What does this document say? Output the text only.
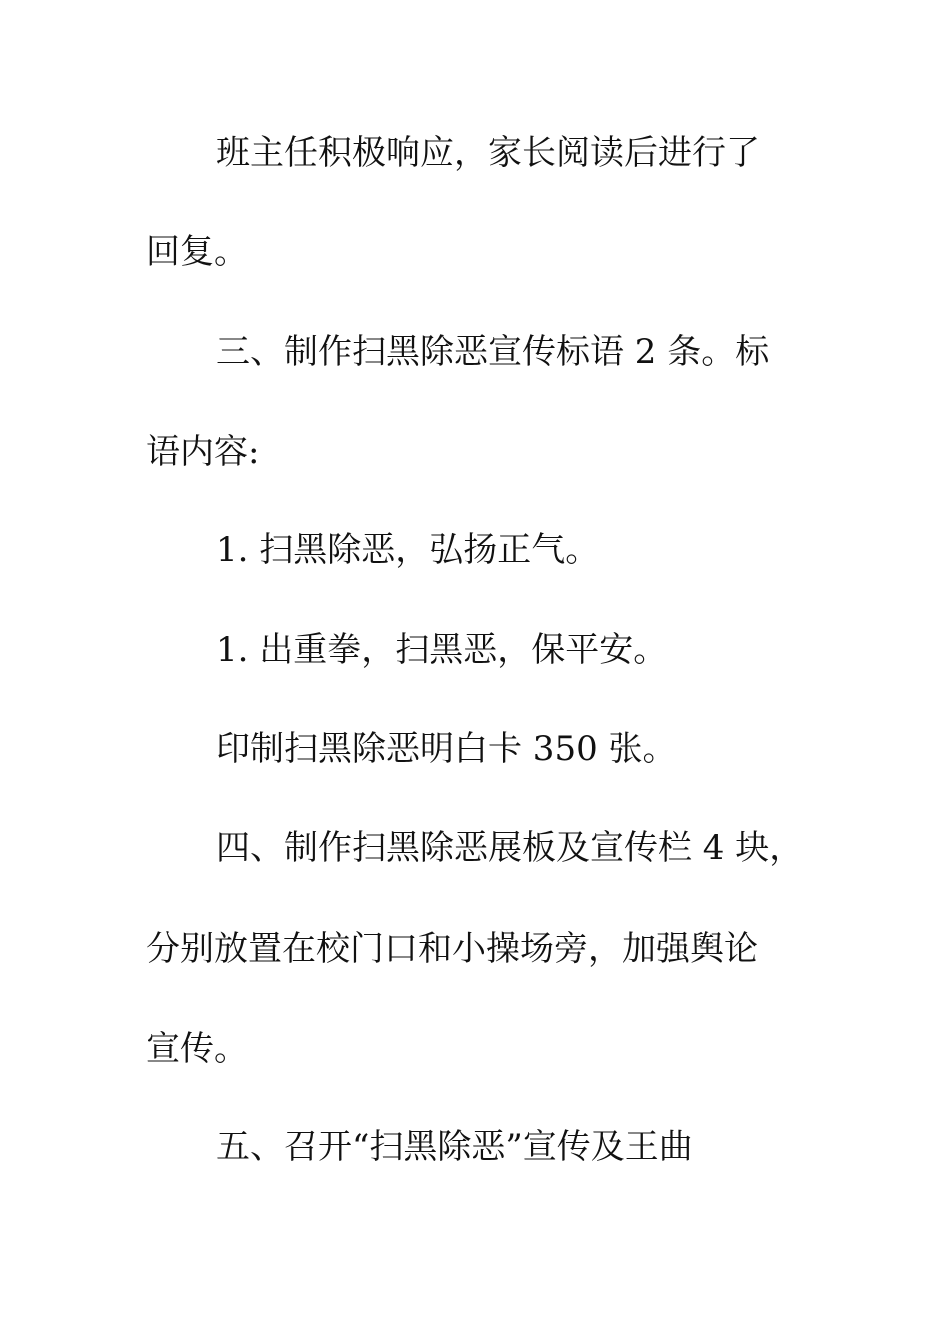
班主任积极响应，家长阅读后进行了
回复。
三、制作扫黑除恶宣传标语 2 条。标
语内容:
1. 扫黑除恶，弘扬正气。
1. 出重拳，扫黑恶，保平安。
印制扫黑除恶明白卡 350 张。
四、制作扫黑除恶展板及宣传栏 4 块，
分别放置在校门口和小操场旁，加强舆论
宣传。
五、召开“扫黑除恶”宣传及王曲
